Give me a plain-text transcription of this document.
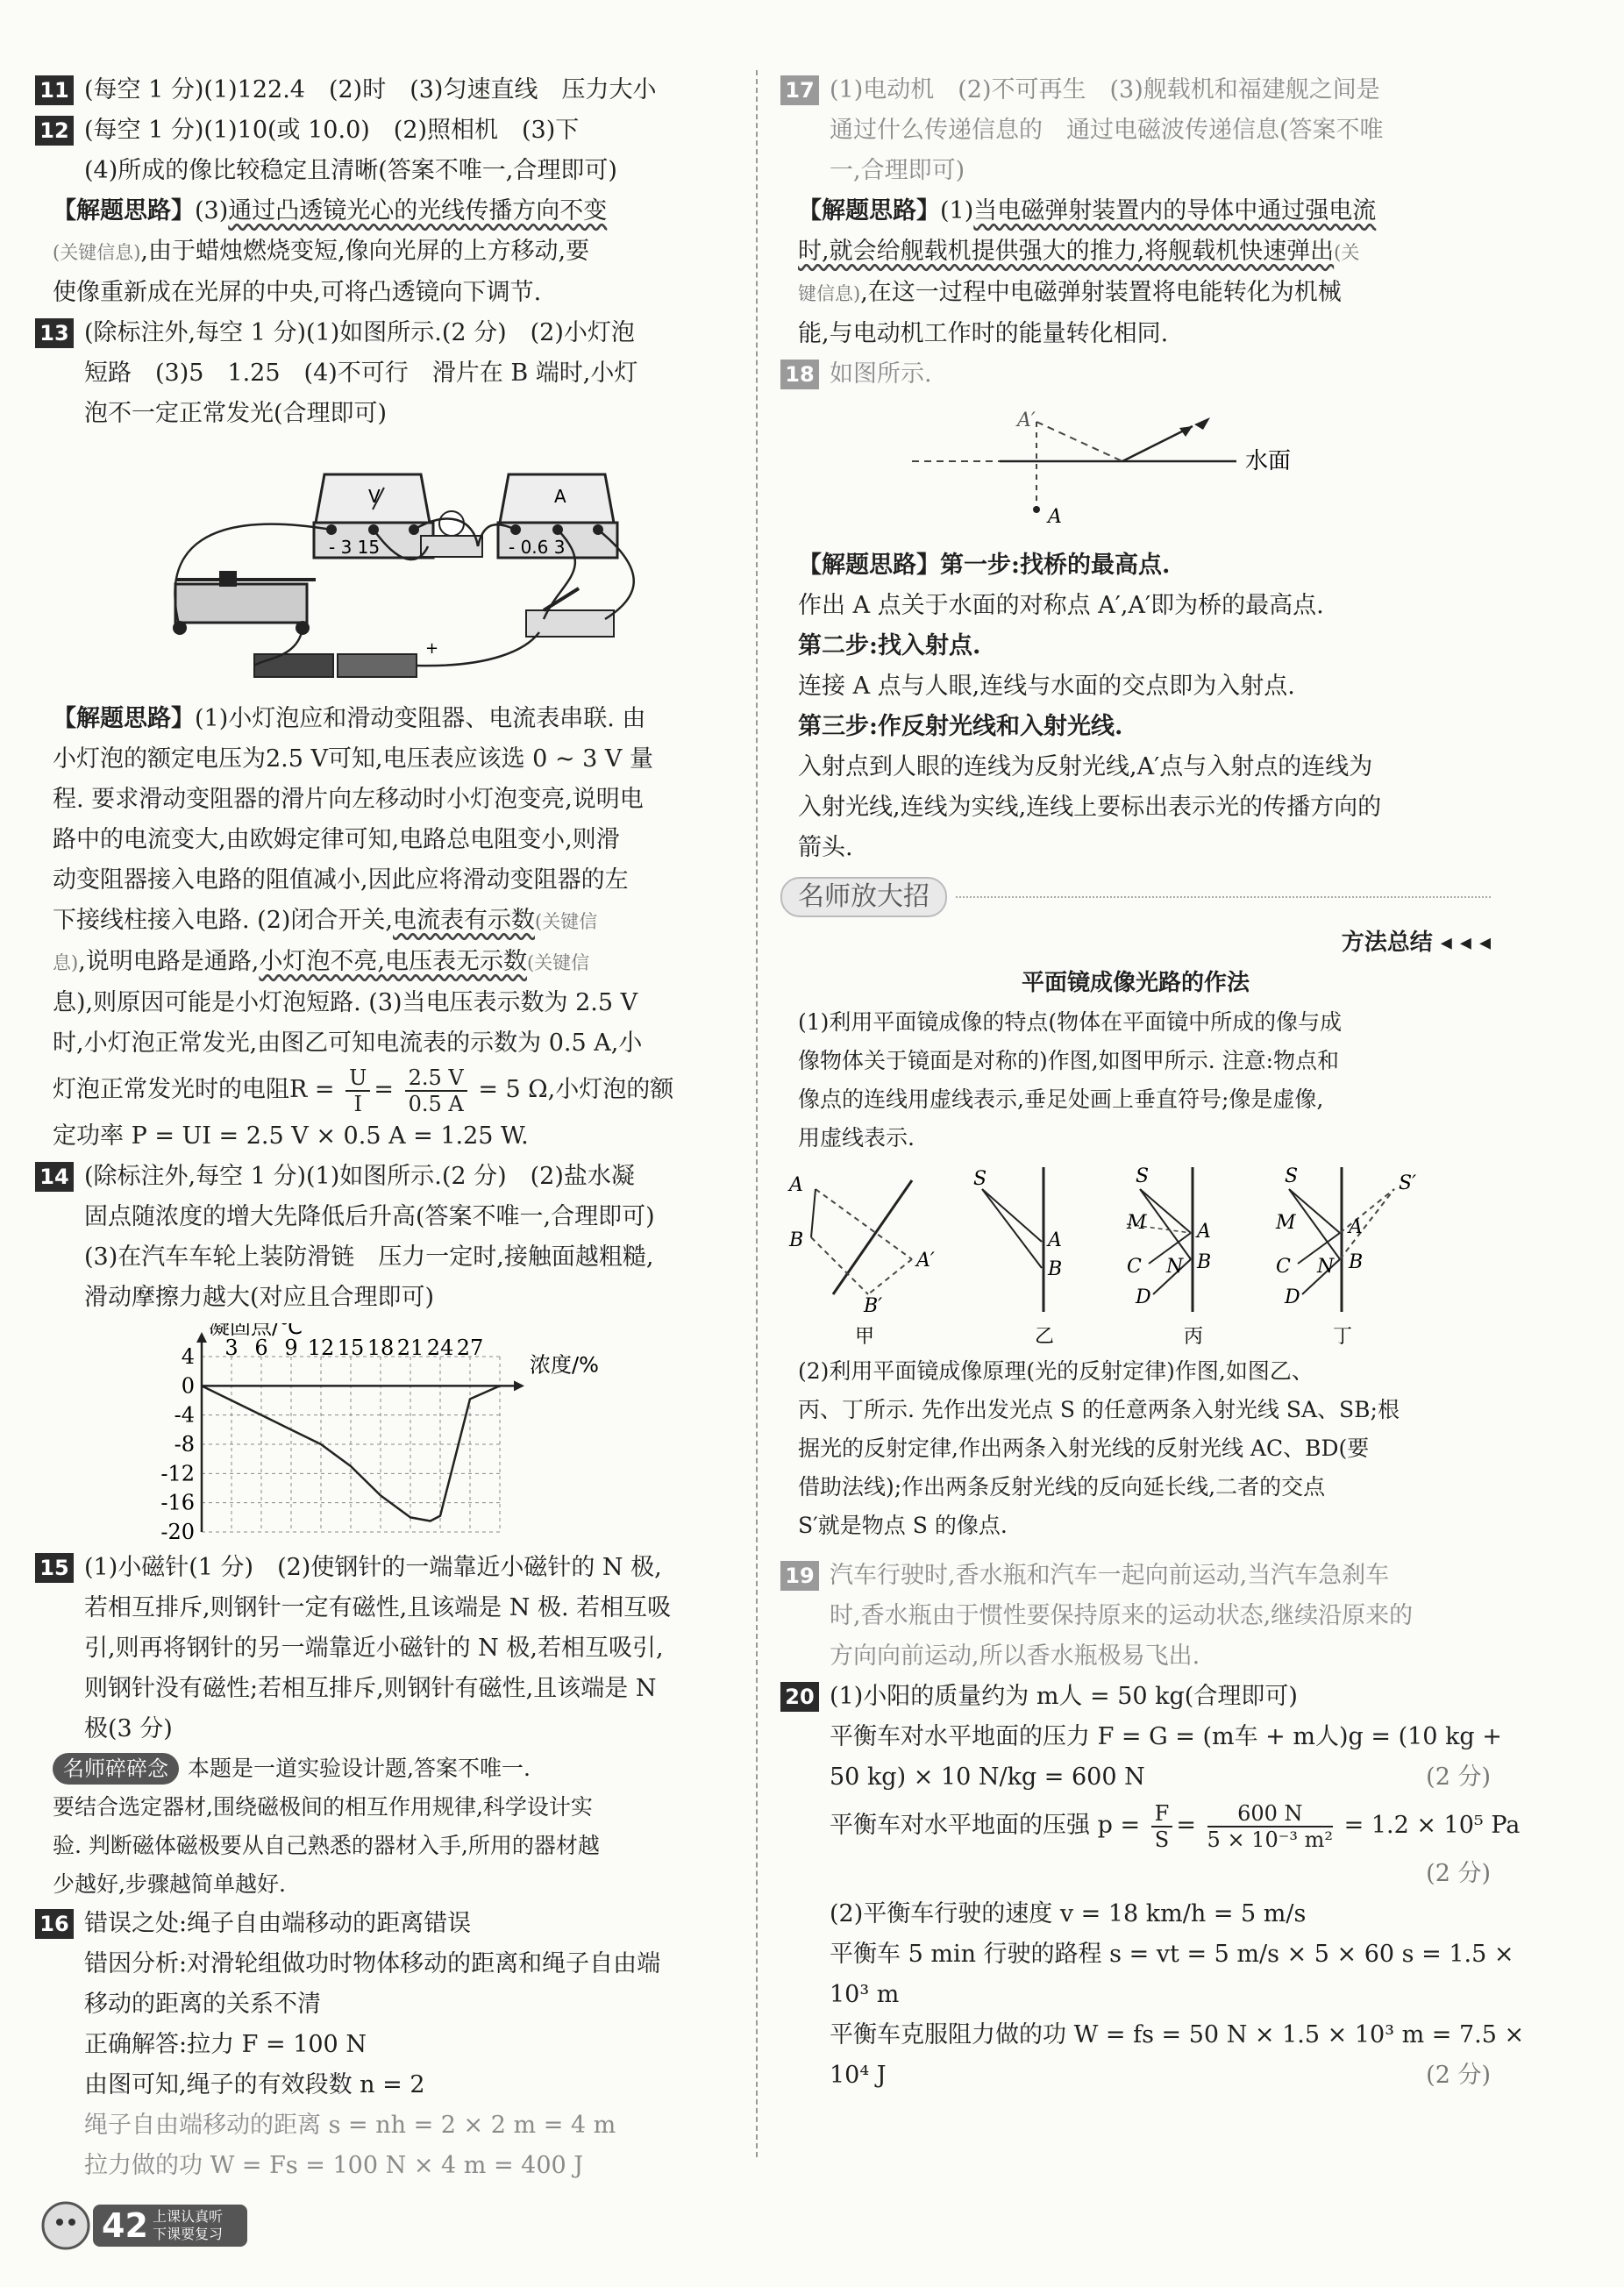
11 (每空 1 分)(1)122.4　(2)时　(3)匀速直线　压力大小
12 (每空 1 分)(1)10(或 10.0)　(2)照相机　(3)下
(4)所成的像比较稳定且清晰(答案不唯一,合理即可)
【解题思路】(3)通过凸透镜光心的光线传播方向不变
(关键信息),由于蜡烛燃烧变短,像向光屏的上方移动,要
使像重新成在光屏的中央,可将凸透镜向下调节.
13 (除标注外,每空 1 分)(1)如图所示.(2 分)　(2)小灯泡
短路　(3)5　1.25　(4)不可行　滑片在 B 端时,小灯
泡不一定正常发光(合理即可)
V
- 3 15
A
- 0.6 3
+
【解题思路】(1)小灯泡应和滑动变阻器、电流表串联. 由
小灯泡的额定电压为2.5 V可知,电压表应该选 0 ~ 3 V 量
程. 要求滑动变阻器的滑片向左移动时小灯泡变亮,说明电
路中的电流变大,由欧姆定律可知,电路总电阻变小,则滑
动变阻器接入电路的阻值减小,因此应将滑动变阻器的左
下接线柱接入电路. (2)闭合开关,电流表有示数(关键信
息),说明电路是通路,小灯泡不亮,电压表无示数(关键信
息),则原因可能是小灯泡短路. (3)当电压表示数为 2.5 V
时,小灯泡正常发光,由图乙可知电流表的示数为 0.5 A,小
灯泡正常发光时的电阻$R = \frac{U}{I} = \frac{2.5 V}{0.5 A} = 5$ Ω,小灯泡的额
定功率 P = UI = 2.5 V × 0.5 A = 1.25 W.
14 (除标注外,每空 1 分)(1)如图所示.(2 分)　(2)盐水凝
固点随浓度的增大先降低后升高(答案不唯一,合理即可)
(3)在汽车车轮上装防滑链　压力一定时,接触面越粗糙,
滑动摩擦力越大(对应且合理即可)
3 6 9 12 15 18 21 24 27
4
0
-4
-8
-12
-16
-20
凝固点/℃
浓度/%
15 (1)小磁针(1 分)　(2)使钢针的一端靠近小磁针的 N 极,
若相互排斥,则钢针一定有磁性,且该端是 N 极. 若相互吸
引,则再将钢针的另一端靠近小磁针的 N 极,若相互吸引,
则钢针没有磁性;若相互排斥,则钢针有磁性,且该端是 N
极(3 分)
名师碎碎念 本题是一道实验设计题,答案不唯一.
要结合选定器材,围绕磁极间的相互作用规律,科学设计实
验. 判断磁体磁极要从自己熟悉的器材入手,所用的器材越
少越好,步骤越简单越好.
16 错误之处:绳子自由端移动的距离错误
错因分析:对滑轮组做功时物体移动的距离和绳子自由端
移动的距离的关系不清
正确解答:拉力 F = 100 N
由图可知,绳子的有效段数 n = 2
绳子自由端移动的距离 s = nh = 2 × 2 m = 4 m
拉力做的功 W = Fs = 100 N × 4 m = 400 J
42 上课认真听 下课要复习
17 (1)电动机　(2)不可再生　(3)舰载机和福建舰之间是
通过什么传递信息的　通过电磁波传递信息(答案不唯
一,合理即可)
【解题思路】(1)当电磁弹射装置内的导体中通过强电流
时,就会给舰载机提供强大的推力,将舰载机快速弹出(关
键信息),在这一过程中电磁弹射装置将电能转化为机械
能,与电动机工作时的能量转化相同.
18 如图所示.
A′
A
水面
【解题思路】第一步:找桥的最高点.
作出 A 点关于水面的对称点 A′,A′即为桥的最高点.
第二步:找入射点.
连接 A 点与人眼,连线与水面的交点即为入射点.
第三步:作反射光线和入射光线.
入射点到人眼的连线为反射光线,A′点与入射点的连线为
入射光线,连线为实线,连线上要标出表示光的传播方向的
箭头.
名师放大招
方法总结 ◂ ◂ ◂
平面镜成像光路的作法
(1)利用平面镜成像的特点(物体在平面镜中所成的像与成
像物体关于镜面是对称的)作图,如图甲所示. 注意:物点和
像点的连线用虚线表示,垂足处画上垂直符号;像是虚像,
用虚线表示.
A
B
A′
B′
甲
S
A
B
乙
S
M	A
C N B
D
丙
S	S′
M	A
C N B
D
丁
(2)利用平面镜成像原理(光的反射定律)作图,如图乙、
丙、丁所示. 先作出发光点 S 的任意两条入射光线 SA、SB;根
据光的反射定律,作出两条入射光线的反射光线 AC、BD(要
借助法线);作出两条反射光线的反向延长线,二者的交点
S′就是物点 S 的像点.
19 汽车行驶时,香水瓶和汽车一起向前运动,当汽车急刹车
时,香水瓶由于惯性要保持原来的运动状态,继续沿原来的
方向向前运动,所以香水瓶极易飞出.
20 (1)小阳的质量约为 m人 = 50 kg(合理即可)
平衡车对水平地面的压力 F = G = (m车 + m人)g = (10 kg +
50 kg) × 10 N/kg = 600 N	(2 分)
平衡车对水平地面的压强 $p = \frac{F}{S} = \frac{600 N}{\text{5 × 10⁻³ m²}} = 1.2 \times 10^5$ Pa
(2 分)
(2)平衡车行驶的速度 v = 18 km/h = 5 m/s
平衡车 5 min 行驶的路程 s = vt = 5 m/s × 5 × 60 s = 1.5 ×
10³ m
平衡车克服阻力做的功 W = fs = 50 N × 1.5 × 10³ m = 7.5 ×
10⁴ J	(2 分)
